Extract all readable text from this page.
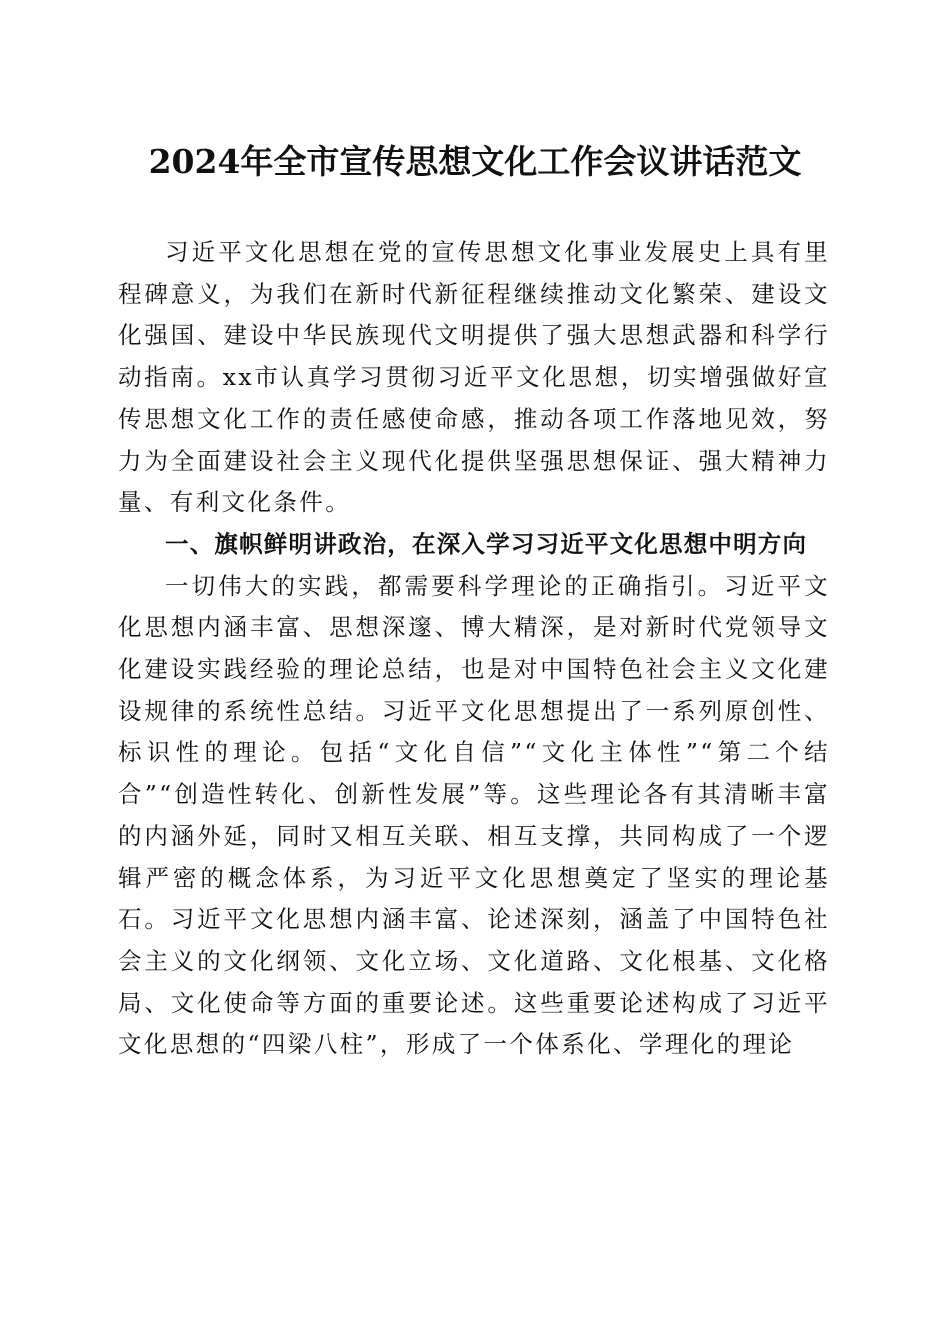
2024年全市宣传思想文化工作会议讲话范文

习近平文化思想在党的宣传思想文化事业发展史上具有里程碑意义，为我们在新时代新征程继续推动文化繁荣、建设文化强国、建设中华民族现代文明提供了强大思想武器和科学行动指南。xx市认真学习贯彻习近平文化思想，切实增强做好宣传思想文化工作的责任感使命感，推动各项工作落地见效，努力为全面建设社会主义现代化提供坚强思想保证、强大精神力量、有利文化条件。

一、旗帜鲜明讲政治，在深入学习习近平文化思想中明方向

一切伟大的实践，都需要科学理论的正确指引。习近平文化思想内涵丰富、思想深邃、博大精深，是对新时代党领导文化建设实践经验的理论总结，也是对中国特色社会主义文化建设规律的系统性总结。习近平文化思想提出了一系列原创性、标识性的理论。包括“文化自信”“文化主体性”“第二个结合”“创造性转化、创新性发展”等。这些理论各有其清晰丰富的内涵外延，同时又相互关联、相互支撑，共同构成了一个逻辑严密的概念体系，为习近平文化思想奠定了坚实的理论基石。习近平文化思想内涵丰富、论述深刻，涵盖了中国特色社会主义的文化纲领、文化立场、文化道路、文化根基、文化格局、文化使命等方面的重要论述。这些重要论述构成了习近平文化思想的“四梁八柱”，形成了一个体系化、学理化的理论
